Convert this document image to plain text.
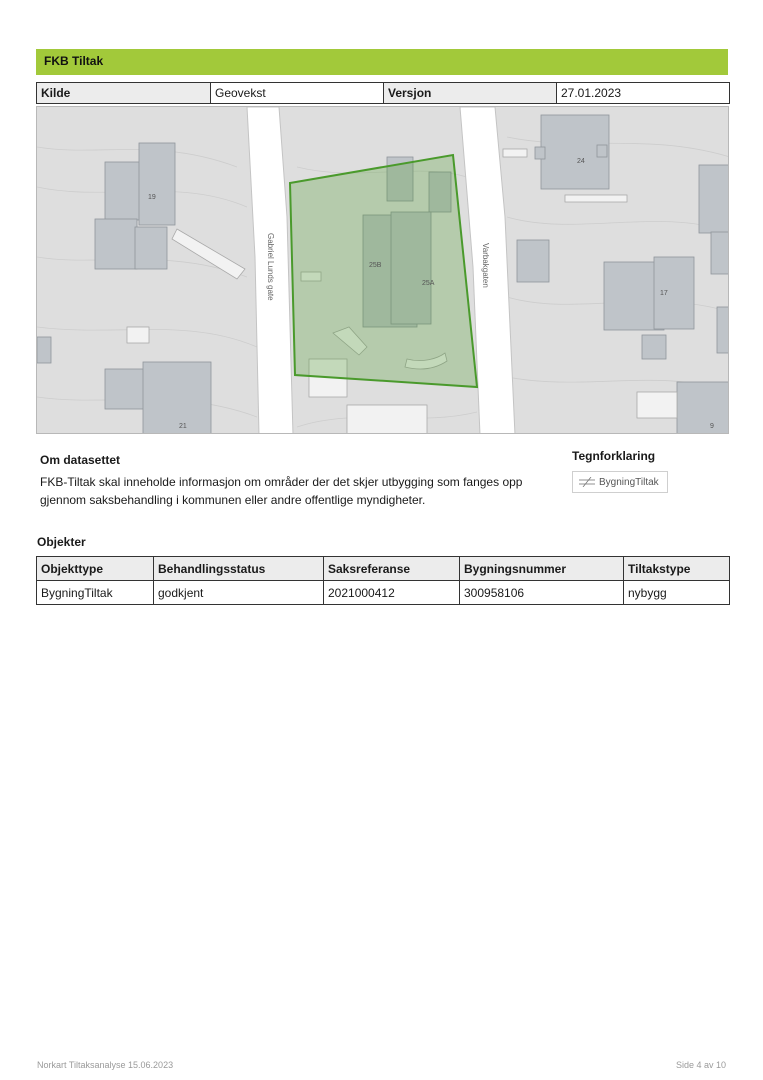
FKB Tiltak
Kilde	Geovekst	Versjon	27.01.2023
19
24
25B
25A
17
21	9
Gabriel Lunds gate	Varbakgaten
Om datasettet

FKB-Tiltak skal inneholde informasjon om områder der det skjer utbygging som fanges opp gjennom saksbehandling i kommunen eller andre offentlige myndigheter.

Tegnforklaring
BygningTiltak
Objekter
Objekttype	Behandlingsstatus	Saksreferanse	Bygningsnummer	Tiltakstype
BygningTiltak	godkjent	2021000412	300958106	nybygg
Norkart Tiltaksanalyse 15.06.2023	Side 4 av 10
